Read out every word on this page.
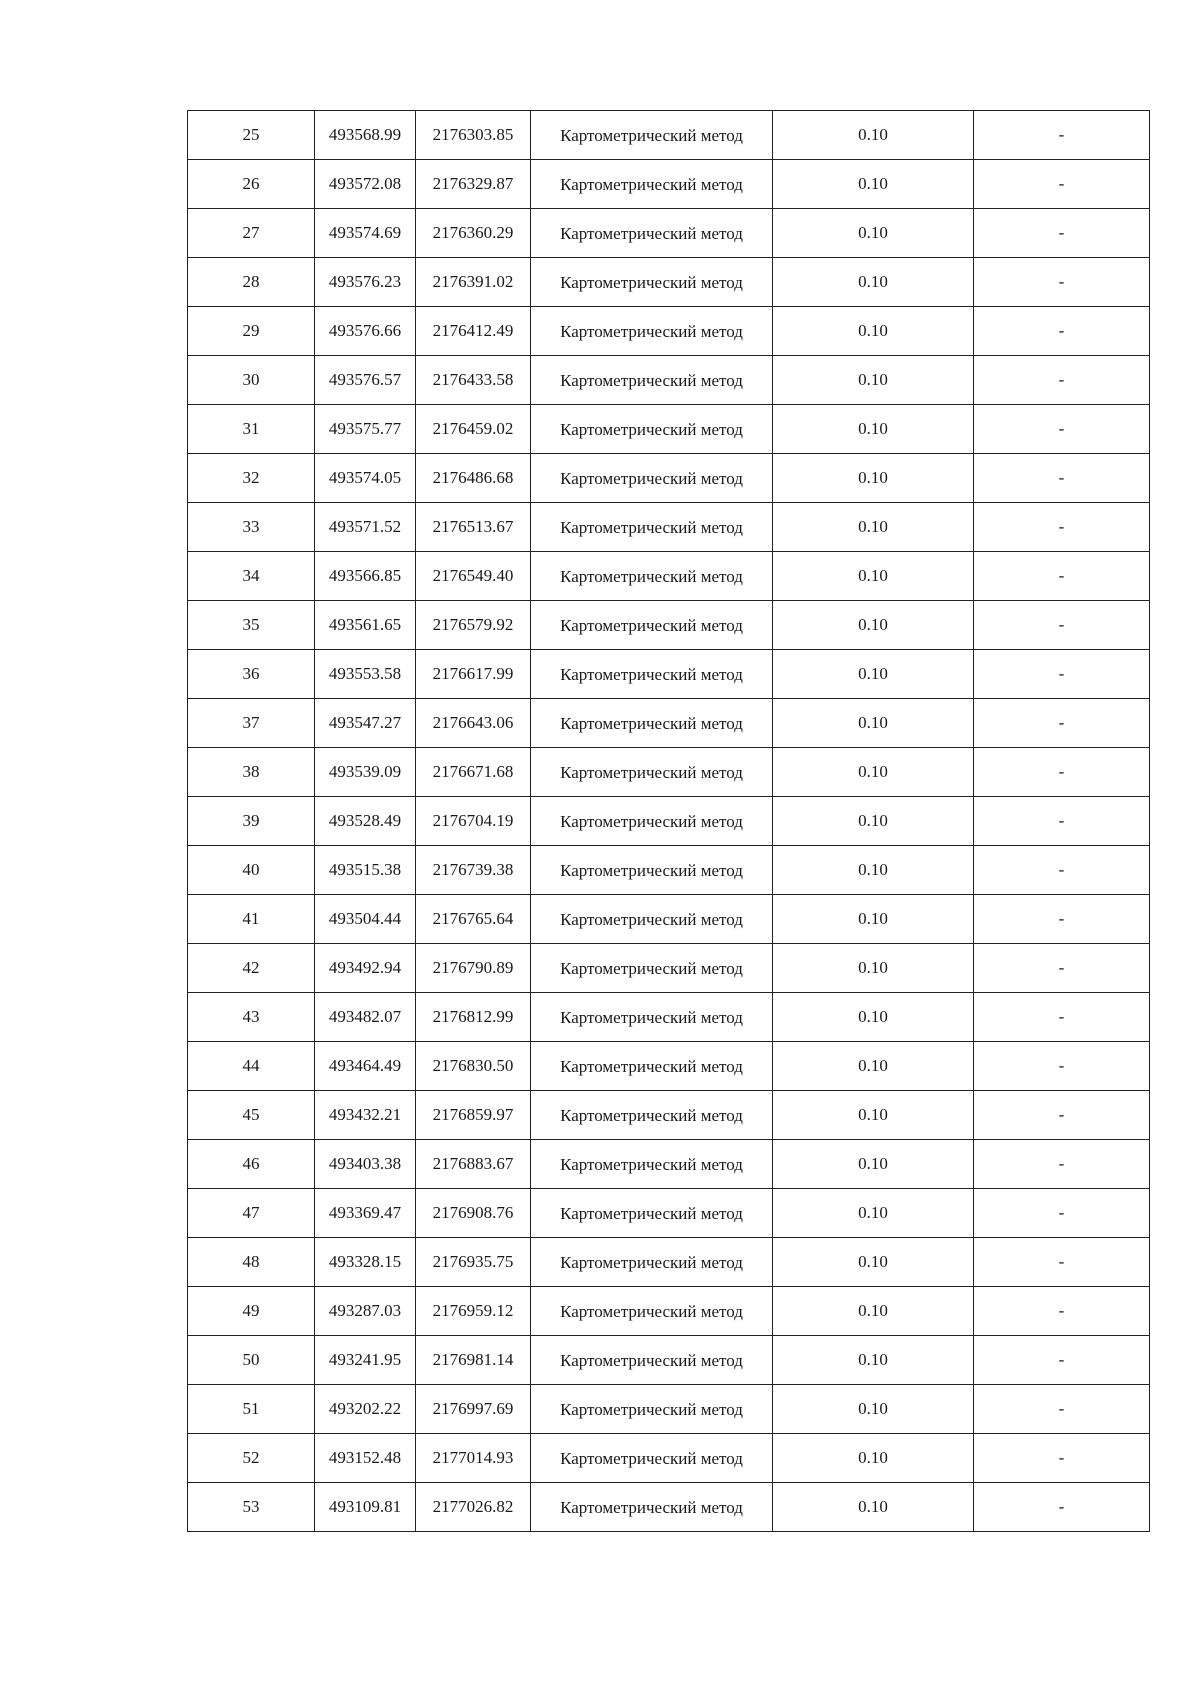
25	493568.99	2176303.85	Картометрический метод	0.10	-
26	493572.08	2176329.87	Картометрический метод	0.10	-
27	493574.69	2176360.29	Картометрический метод	0.10	-
28	493576.23	2176391.02	Картометрический метод	0.10	-
29	493576.66	2176412.49	Картометрический метод	0.10	-
30	493576.57	2176433.58	Картометрический метод	0.10	-
31	493575.77	2176459.02	Картометрический метод	0.10	-
32	493574.05	2176486.68	Картометрический метод	0.10	-
33	493571.52	2176513.67	Картометрический метод	0.10	-
34	493566.85	2176549.40	Картометрический метод	0.10	-
35	493561.65	2176579.92	Картометрический метод	0.10	-
36	493553.58	2176617.99	Картометрический метод	0.10	-
37	493547.27	2176643.06	Картометрический метод	0.10	-
38	493539.09	2176671.68	Картометрический метод	0.10	-
39	493528.49	2176704.19	Картометрический метод	0.10	-
40	493515.38	2176739.38	Картометрический метод	0.10	-
41	493504.44	2176765.64	Картометрический метод	0.10	-
42	493492.94	2176790.89	Картометрический метод	0.10	-
43	493482.07	2176812.99	Картометрический метод	0.10	-
44	493464.49	2176830.50	Картометрический метод	0.10	-
45	493432.21	2176859.97	Картометрический метод	0.10	-
46	493403.38	2176883.67	Картометрический метод	0.10	-
47	493369.47	2176908.76	Картометрический метод	0.10	-
48	493328.15	2176935.75	Картометрический метод	0.10	-
49	493287.03	2176959.12	Картометрический метод	0.10	-
50	493241.95	2176981.14	Картометрический метод	0.10	-
51	493202.22	2176997.69	Картометрический метод	0.10	-
52	493152.48	2177014.93	Картометрический метод	0.10	-
53	493109.81	2177026.82	Картометрический метод	0.10	-
